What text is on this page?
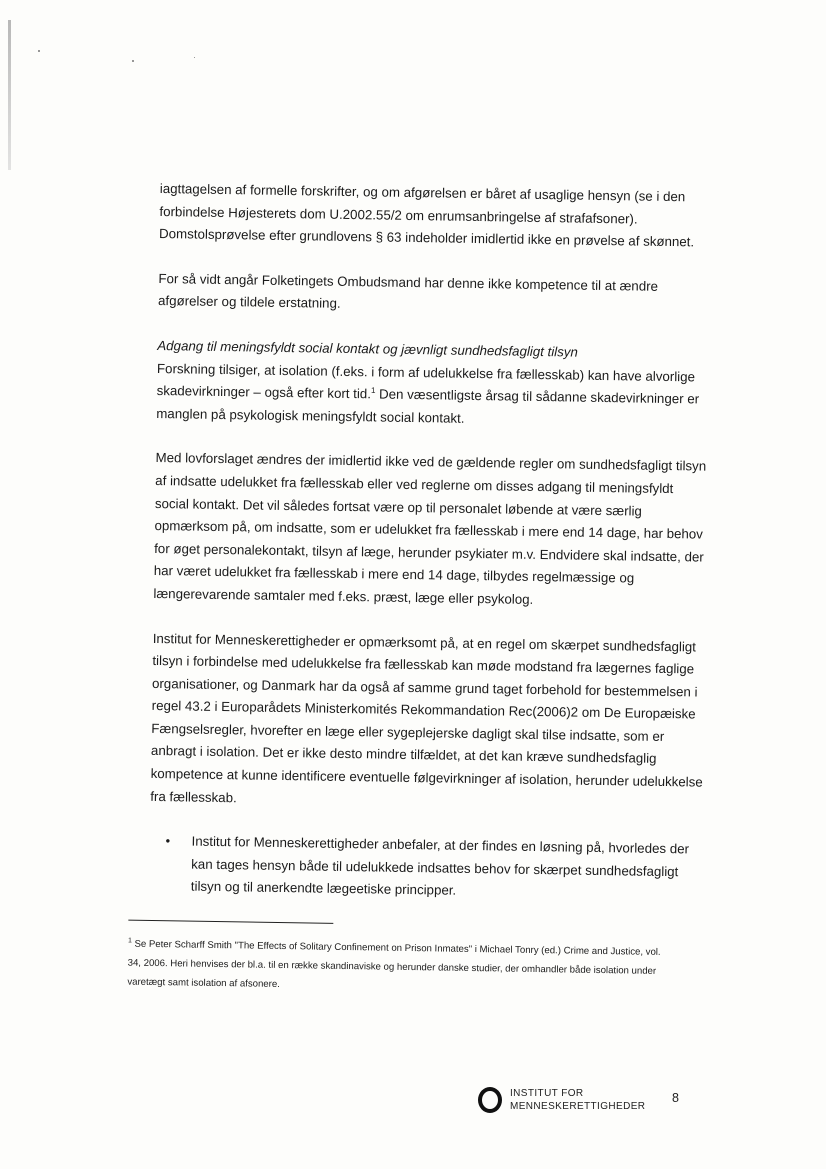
iagttagelsen af formelle forskrifter, og om afgørelsen er båret af usaglige hensyn (se i den forbindelse Højesterets dom U.2002.55/2 om enrumsanbringelse af strafafsoner). Domstolsprøvelse efter grundlovens § 63 indeholder imidlertid ikke en prøvelse af skønnet.

For så vidt angår Folketingets Ombudsmand har denne ikke kompetence til at ændre afgørelser og tildele erstatning.

Adgang til meningsfyldt social kontakt og jævnligt sundhedsfagligt tilsyn
Forskning tilsiger, at isolation (f.eks. i form af udelukkelse fra fællesskab) kan have alvorlige skadevirkninger – også efter kort tid.$^1$ Den væsentligste årsag til sådanne skadevirkninger er manglen på psykologisk meningsfyldt social kontakt.

Med lovforslaget ændres der imidlertid ikke ved de gældende regler om sundhedsfagligt tilsyn af indsatte udelukket fra fællesskab eller ved reglerne om disses adgang til meningsfyldt social kontakt. Det vil således fortsat være op til personalet løbende at være særlig opmærksom på, om indsatte, som er udelukket fra fællesskab i mere end 14 dage, har behov for øget personalekontakt, tilsyn af læge, herunder psykiater m.v. Endvidere skal indsatte, der har været udelukket fra fællesskab i mere end 14 dage, tilbydes regelmæssige og længerevarende samtaler med f.eks. præst, læge eller psykolog.

Institut for Menneskerettigheder er opmærksomt på, at en regel om skærpet sundhedsfagligt tilsyn i forbindelse med udelukkelse fra fællesskab kan møde modstand fra lægernes faglige organisationer, og Danmark har da også af samme grund taget forbehold for bestemmelsen i regel 43.2 i Europarådets Ministerkomités Rekommandation Rec(2006)2 om De Europæiske Fængselsregler, hvorefter en læge eller sygeplejerske dagligt skal tilse indsatte, som er anbragt i isolation. Det er ikke desto mindre tilfældet, at det kan kræve sundhedsfaglig kompetence at kunne identificere eventuelle følgevirkninger af isolation, herunder udelukkelse fra fællesskab.

•	Institut for Menneskerettigheder anbefaler, at der findes en løsning på, hvorledes der kan tages hensyn både til udelukkede indsattes behov for skærpet sundhedsfagligt tilsyn og til anerkendte lægeetiske principper.
$^1$ Se Peter Scharff Smith "The Effects of Solitary Confinement on Prison Inmates" i Michael Tonry (ed.) Crime and Justice, vol. 34, 2006. Heri henvises der bl.a. til en række skandinaviske og herunder danske studier, der omhandler både isolation under varetægt samt isolation af afsonere.
INSTITUT FOR
MENNESKERETTIGHEDER
8
